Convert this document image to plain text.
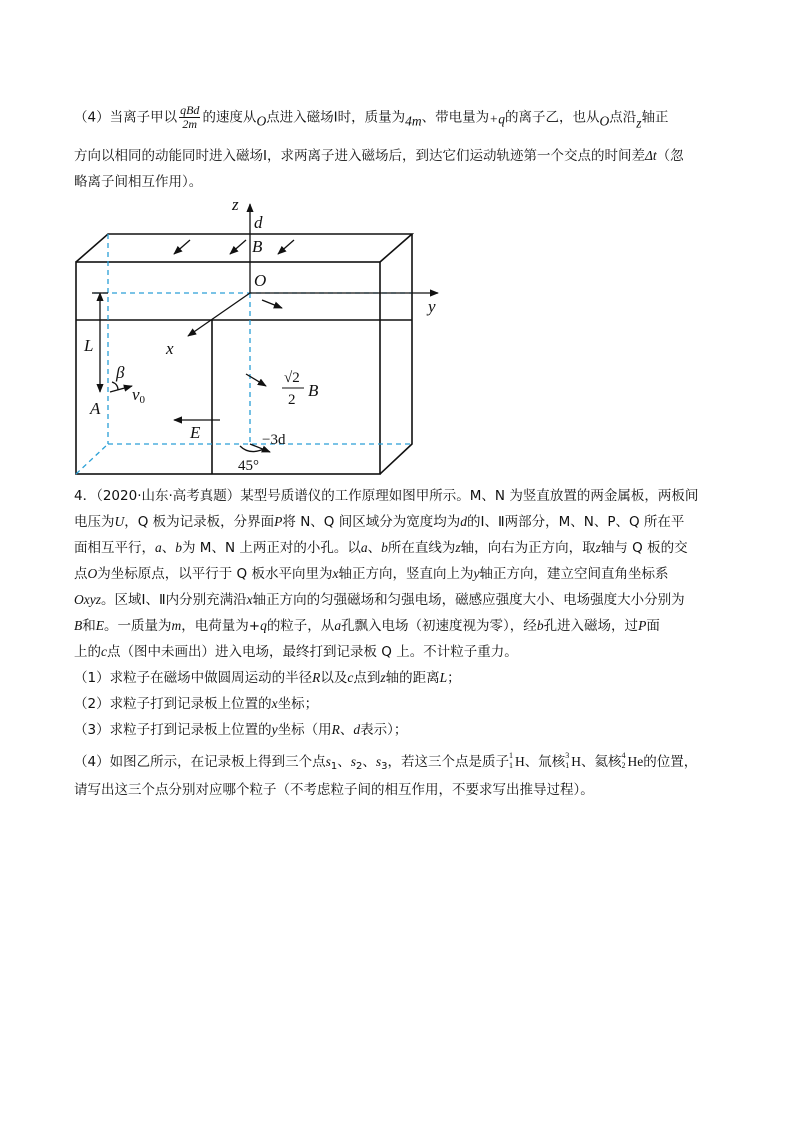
（4）当离子甲以 $\frac{\text{qBd}}{2m}$ 的速度从O点进入磁场Ⅰ时，质量为4m、带电量为+q的离子乙，也从O点沿z轴正
方向以相同的动能同时进入磁场Ⅰ，求两离子进入磁场后，到达它们运动轨迹第一个交点的时间差Δt（忽
略离子间相互作用）。
z
d
B
O
y
x
L
β
v0
A
E
B
√2
2
−3d
45°
4．（2020·山东·高考真题）某型号质谱仪的工作原理如图甲所示。M、N 为竖直放置的两金属板，两板间
电压为U，Q 板为记录板，分界面P将 N、Q 间区域分为宽度均为d的Ⅰ、Ⅱ两部分，M、N、P、Q 所在平
面相互平行，a、b为 M、N 上两正对的小孔。以a、b所在直线为z轴，向右为正方向，取z轴与 Q 板的交
点O为坐标原点，以平行于 Q 板水平向里为x轴正方向，竖直向上为y轴正方向，建立空间直角坐标系
Oxyz。区域Ⅰ、Ⅱ内分别充满沿x轴正方向的匀强磁场和匀强电场，磁感应强度大小、电场强度大小分别为
B和E。一质量为m，电荷量为+q的粒子，从a孔飘入电场（初速度视为零），经b孔进入磁场，过P面
上的c点（图中未画出）进入电场，最终打到记录板 Q 上。不计粒子重力。
（1）求粒子在磁场中做圆周运动的半径R以及c点到z轴的距离L；
（2）求粒子打到记录板上位置的x坐标；
（3）求粒子打到记录板上位置的y坐标（用R、d表示）；
（4）如图乙所示，在记录板上得到三个点$s_1$、$s_2$、$s_3$，若这三个点是质子 1
1 H、氚核 3
1 H、氦核 4
2 He的位置，
请写出这三个点分别对应哪个粒子（不考虑粒子间的相互作用，不要求写出推导过程）。
